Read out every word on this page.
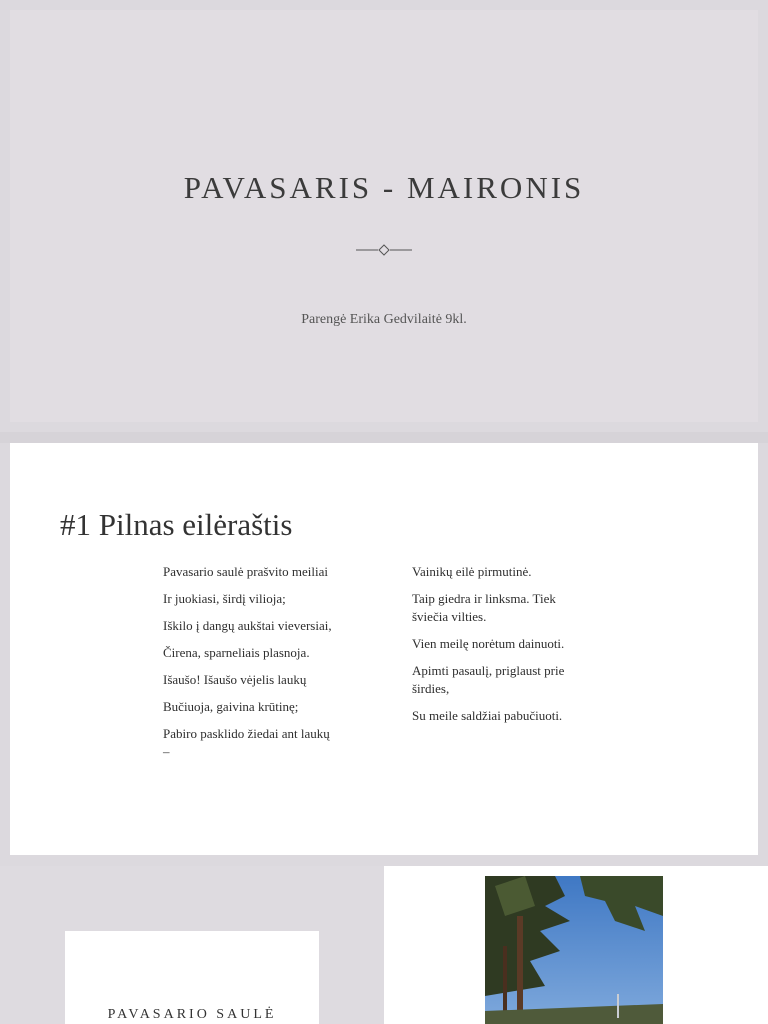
PAVASARIS - MAIRONIS
Parengė Erika Gedvilaitė 9kl.
#1 Pilnas eilėraštis

Pavasario saulė prašvito meiliai

Ir juokiasi, širdį vilioja;

Iškilo į dangų aukštai vieversiai,

Čirena, sparneliais plasnoja.

Išaušo! Išaušo vėjelis laukų

Bučiuoja, gaivina krūtinę;

Pabiro pasklido žiedai ant laukų –

Vainikų eilė pirmutinė.

Taip giedra ir linksma. Tiek šviečia vilties.

Vien meilę norėtum dainuoti.

Apimti pasaulį, priglaust prie širdies,

Su meile saldžiai pabučiuoti.

PAVASARIO SAULĖ
